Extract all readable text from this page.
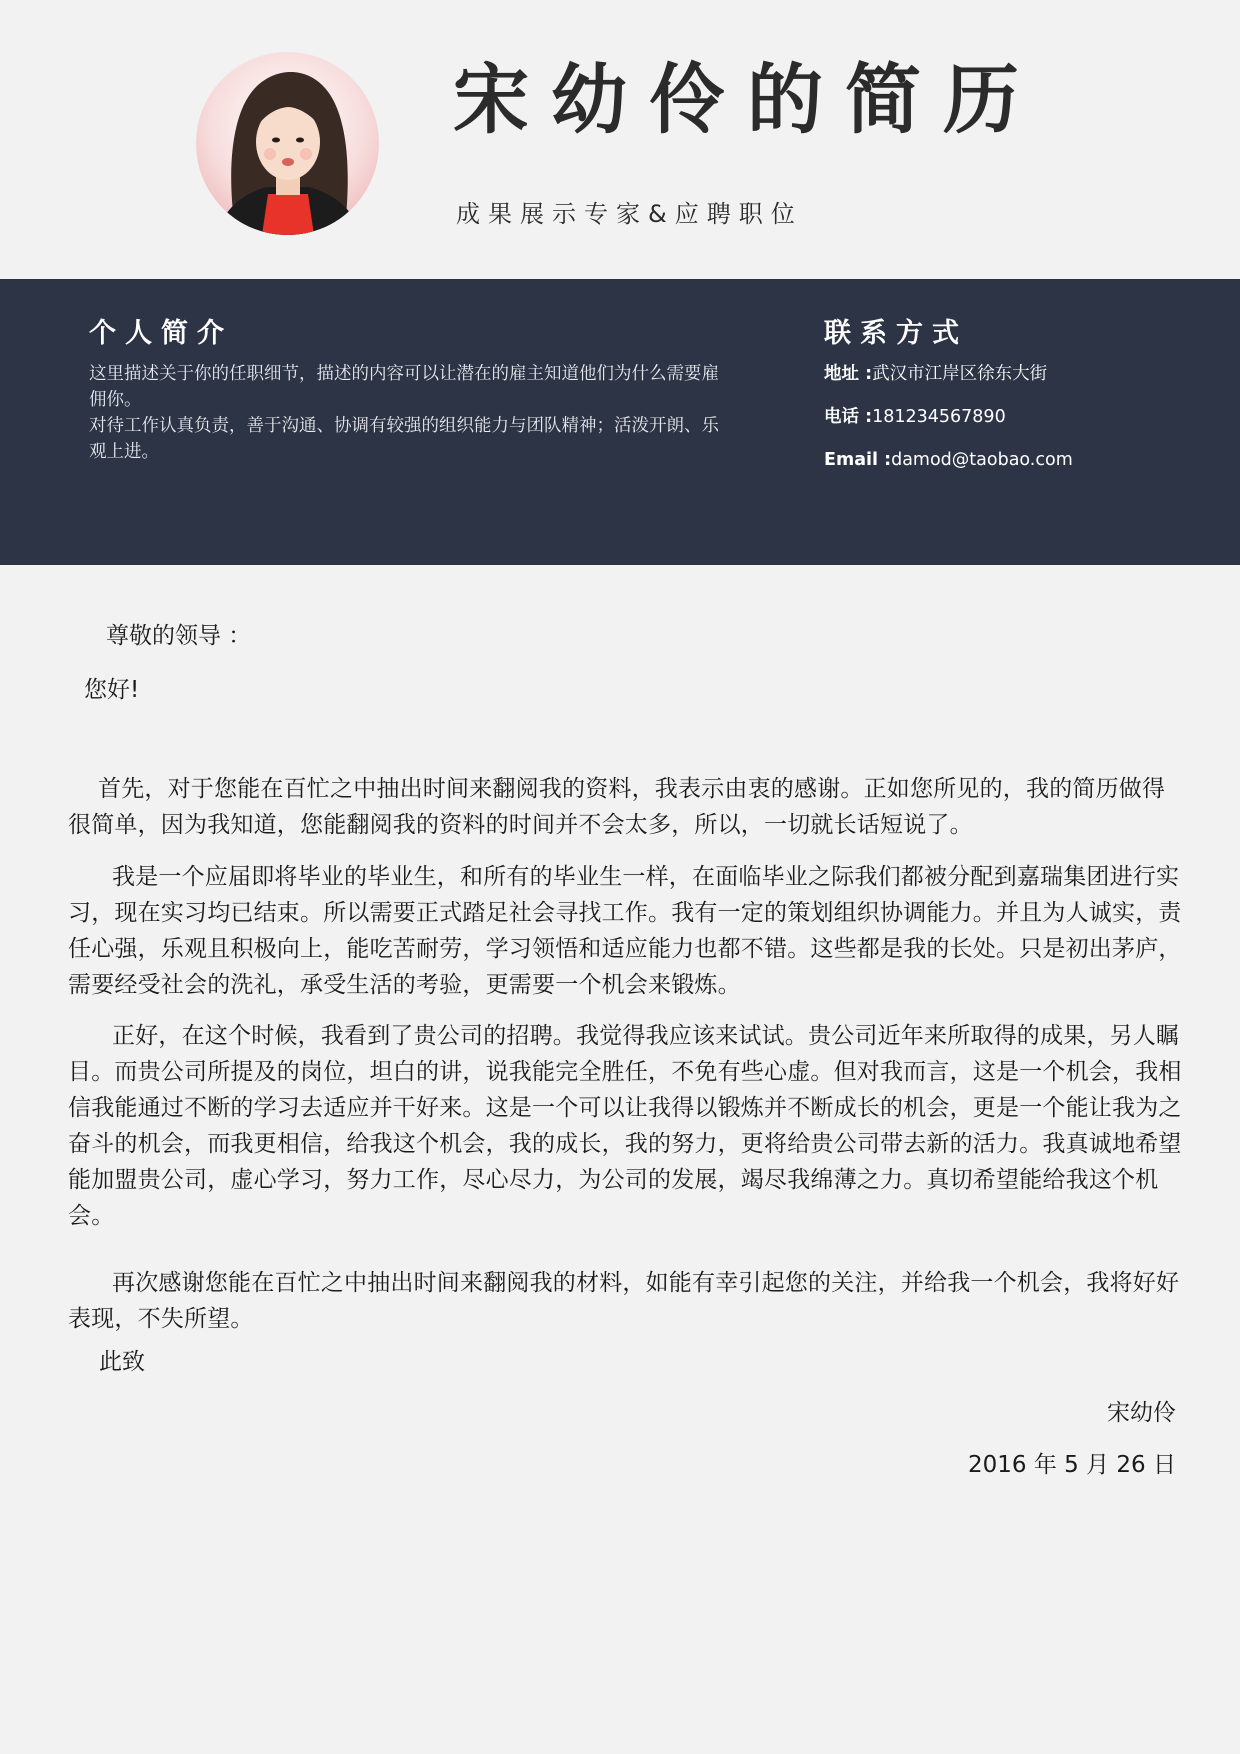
宋幼伶的简历
成果展示专家&应聘职位
个人简介

这里描述关于你的任职细节，描述的内容可以让潜在的雇主知道他们为什么需要雇佣你。

对待工作认真负责，善于沟通、协调有较强的组织能力与团队精神；活泼开朗、乐观上进。

联系方式
地址 :武汉市江岸区徐东大街
电话 :181234567890
Email :damod@taobao.com
尊敬的领导 ：
您好!
首先，对于您能在百忙之中抽出时间来翻阅我的资料，我表示由衷的感谢。正如您所见的，我的简历做得很简单，因为我知道，您能翻阅我的资料的时间并不会太多，所以，一切就长话短说了。
我是一个应届即将毕业的毕业生，和所有的毕业生一样，在面临毕业之际我们都被分配到嘉瑞集团进行实习，现在实习均已结束。所以需要正式踏足社会寻找工作。我有一定的策划组织协调能力。并且为人诚实，责任心强，乐观且积极向上，能吃苦耐劳，学习领悟和适应能力也都不错。这些都是我的长处。只是初出茅庐，需要经受社会的洗礼，承受生活的考验，更需要一个机会来锻炼。
正好，在这个时候，我看到了贵公司的招聘。我觉得我应该来试试。贵公司近年来所取得的成果，另人瞩目。而贵公司所提及的岗位，坦白的讲，说我能完全胜任，不免有些心虚。但对我而言，这是一个机会，我相信我能通过不断的学习去适应并干好来。这是一个可以让我得以锻炼并不断成长的机会，更是一个能让我为之奋斗的机会，而我更相信，给我这个机会，我的成长，我的努力，更将给贵公司带去新的活力。我真诚地希望能加盟贵公司，虚心学习，努力工作，尽心尽力，为公司的发展，竭尽我绵薄之力。真切希望能给我这个机会。
再次感谢您能在百忙之中抽出时间来翻阅我的材料，如能有幸引起您的关注，并给我一个机会，我将好好表现，不失所望。
此致
宋幼伶
2016 年 5 月 26 日
